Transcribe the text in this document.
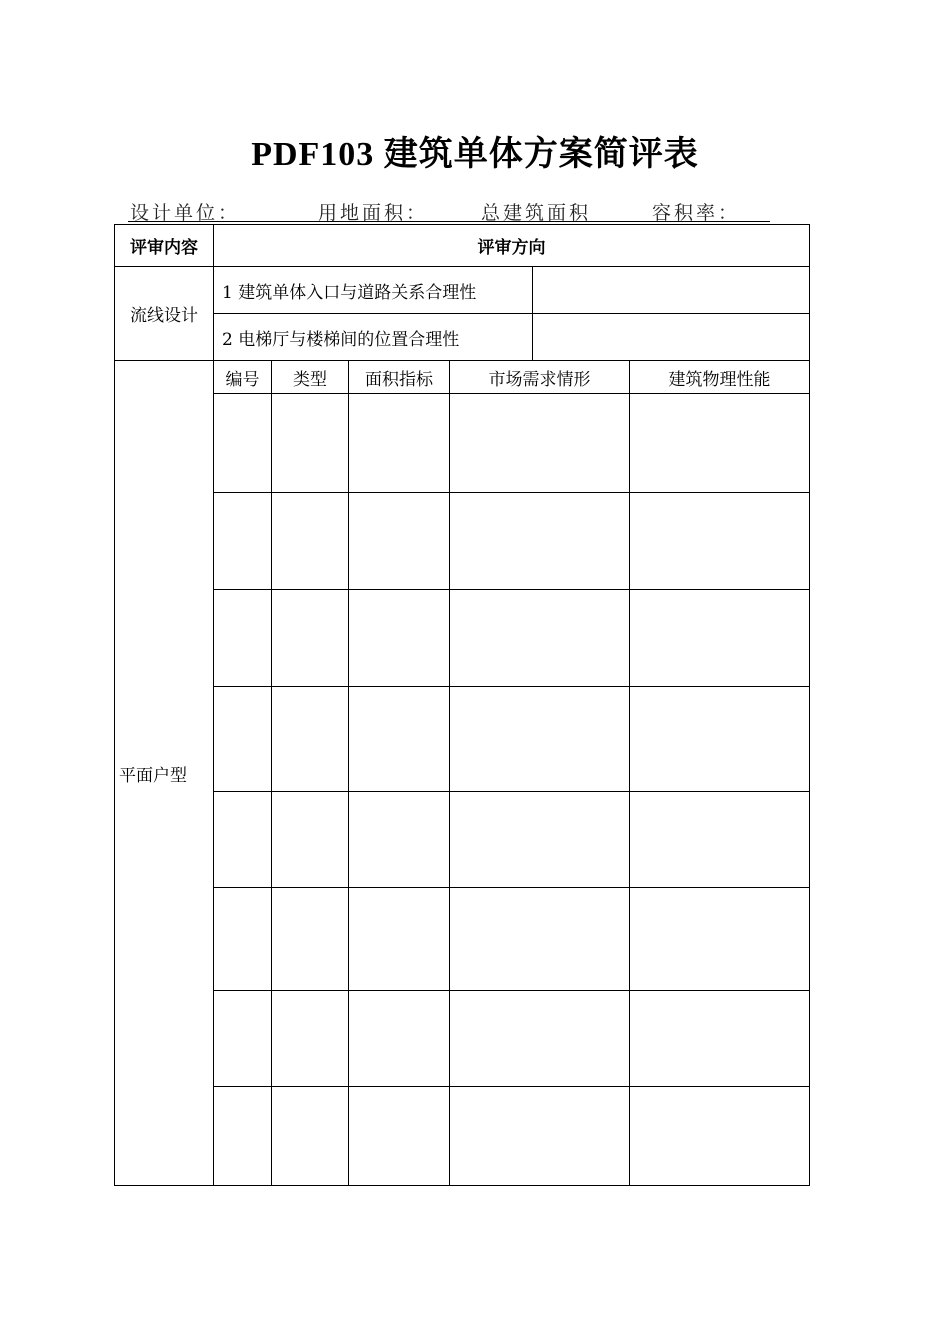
PDF103 建筑单体方案简评表
设计单位：	用地面积：	总建筑面积	容积率：
评审内容	评审方向					
流线设计	1 建筑单体入口与道路关系合理性					
	2 电梯厅与楼梯间的位置合理性					
平面户型	编号	类型	面积指标	市场需求情形		建筑物理性能
